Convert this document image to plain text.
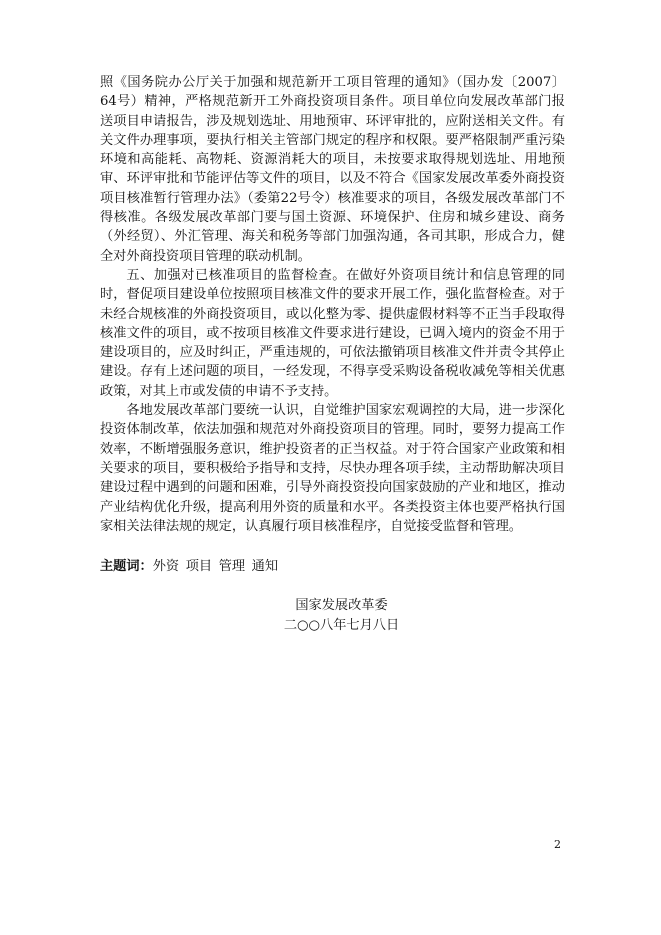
照《国务院办公厅关于加强和规范新开工项目管理的通知》（国办发〔2007〕64号）精神，严格规范新开工外商投资项目条件。项目单位向发展改革部门报送项目申请报告，涉及规划选址、用地预审、环评审批的，应附送相关文件。有关文件办理事项，要执行相关主管部门规定的程序和权限。要严格限制严重污染环境和高能耗、高物耗、资源消耗大的项目，未按要求取得规划选址、用地预审、环评审批和节能评估等文件的项目，以及不符合《国家发展改革委外商投资项目核准暂行管理办法》（委第22号令）核准要求的项目，各级发展改革部门不得核准。各级发展改革部门要与国土资源、环境保护、住房和城乡建设、商务（外经贸）、外汇管理、海关和税务等部门加强沟通，各司其职，形成合力，健全对外商投资项目管理的联动机制。

五、加强对已核准项目的监督检查。在做好外资项目统计和信息管理的同时，督促项目建设单位按照项目核准文件的要求开展工作，强化监督检查。对于未经合规核准的外商投资项目，或以化整为零、提供虚假材料等不正当手段取得核准文件的项目，或不按项目核准文件要求进行建设，已调入境内的资金不用于建设项目的，应及时纠正，严重违规的，可依法撤销项目核准文件并责令其停止建设。存有上述问题的项目，一经发现，不得享受采购设备税收减免等相关优惠政策，对其上市或发债的申请不予支持。

各地发展改革部门要统一认识，自觉维护国家宏观调控的大局，进一步深化投资体制改革，依法加强和规范对外商投资项目的管理。同时，要努力提高工作效率，不断增强服务意识，维护投资者的正当权益。对于符合国家产业政策和相关要求的项目，要积极给予指导和支持，尽快办理各项手续，主动帮助解决项目建设过程中遇到的问题和困难，引导外商投资投向国家鼓励的产业和地区，推动产业结构优化升级，提高利用外资的质量和水平。各类投资主体也要严格执行国家相关法律法规的规定，认真履行项目核准程序，自觉接受监督和管理。

主题词：外资 项目 管理 通知
国家发展改革委
二○○八年七月八日
2
